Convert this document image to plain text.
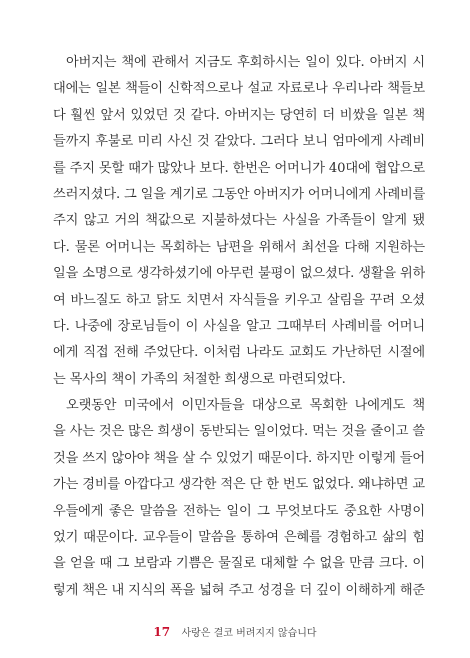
아버지는 책에 관해서 지금도 후회하시는 일이 있다. 아버지 시
대에는 일본 책들이 신학적으로나 설교 자료로나 우리나라 책들보
다 훨씬 앞서 있었던 것 같다. 아버지는 당연히 더 비쌌을 일본 책
들까지 후불로 미리 사신 것 같았다. 그러다 보니 엄마에게 사례비
를 주지 못할 때가 많았나 보다. 한번은 어머니가 40대에 협압으로
쓰러지셨다. 그 일을 계기로 그동안 아버지가 어머니에게 사례비를
주지 않고 거의 책값으로 지불하셨다는 사실을 가족들이 알게 됐
다. 물론 어머니는 목회하는 남편을 위해서 최선을 다해 지원하는
일을 소명으로 생각하셨기에 아무런 불평이 없으셨다. 생활을 위하
여 바느질도 하고 닭도 치면서 자식들을 키우고 살림을 꾸려 오셨
다. 나중에 장로님들이 이 사실을 알고 그때부터 사례비를 어머니
에게 직접 전해 주었단다. 이처럼 나라도 교회도 가난하던 시절에
는 목사의 책이 가족의 처절한 희생으로 마련되었다.
오랫동안 미국에서 이민자들을 대상으로 목회한 나에게도 책
을 사는 것은 많은 희생이 동반되는 일이었다. 먹는 것을 줄이고 쓸
것을 쓰지 않아야 책을 살 수 있었기 때문이다. 하지만 이렇게 들어
가는 경비를 아깝다고 생각한 적은 단 한 번도 없었다. 왜냐하면 교
우들에게 좋은 말씀을 전하는 일이 그 무엇보다도 중요한 사명이
었기 때문이다. 교우들이 말씀을 통하여 은혜를 경험하고 삶의 힘
을 얻을 때 그 보람과 기쁨은 물질로 대체할 수 없을 만큼 크다. 이
렇게 책은 내 지식의 폭을 넓혀 주고 성경을 더 깊이 이해하게 해준
17 사랑은 결코 버려지지 않습니다
